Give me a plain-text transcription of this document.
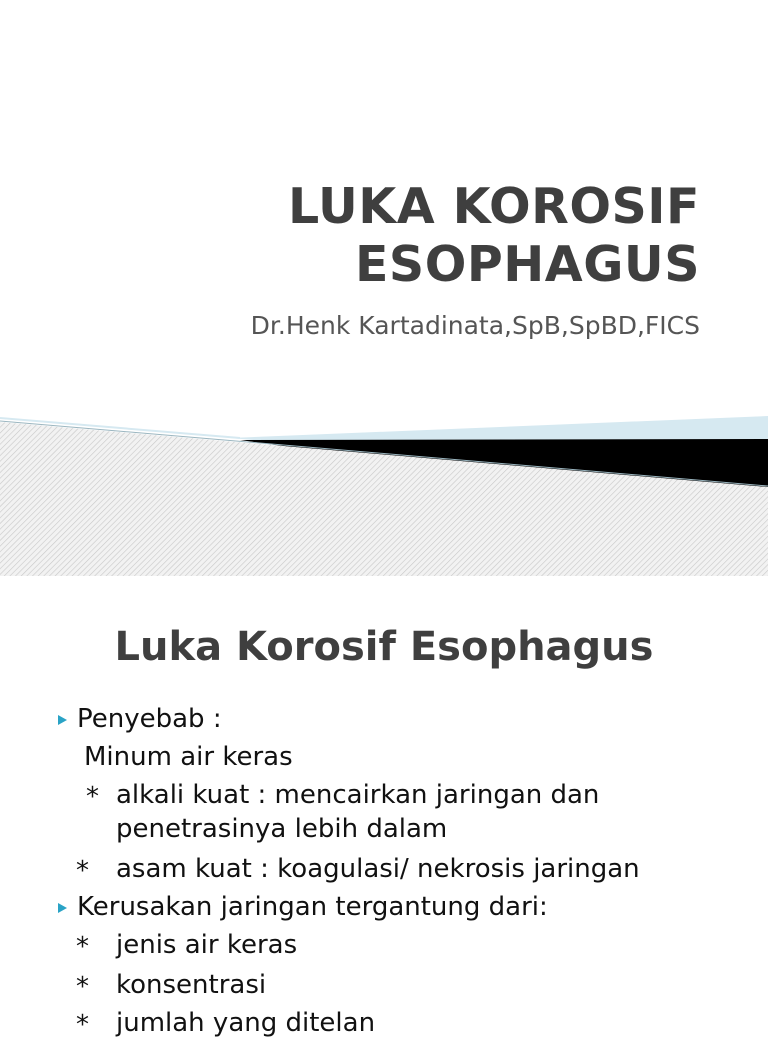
LUKA KOROSIF
ESOPHAGUS
Dr.Henk Kartadinata,SpB,SpBD,FICS
Luka Korosif Esophagus
Penyebab :
Minum air keras
* alkali kuat : mencairkan jaringan dan
penetrasinya lebih dalam
* asam kuat : koagulasi/ nekrosis jaringan
Kerusakan jaringan tergantung dari:
* jenis air keras
* konsentrasi
* jumlah yang ditelan
